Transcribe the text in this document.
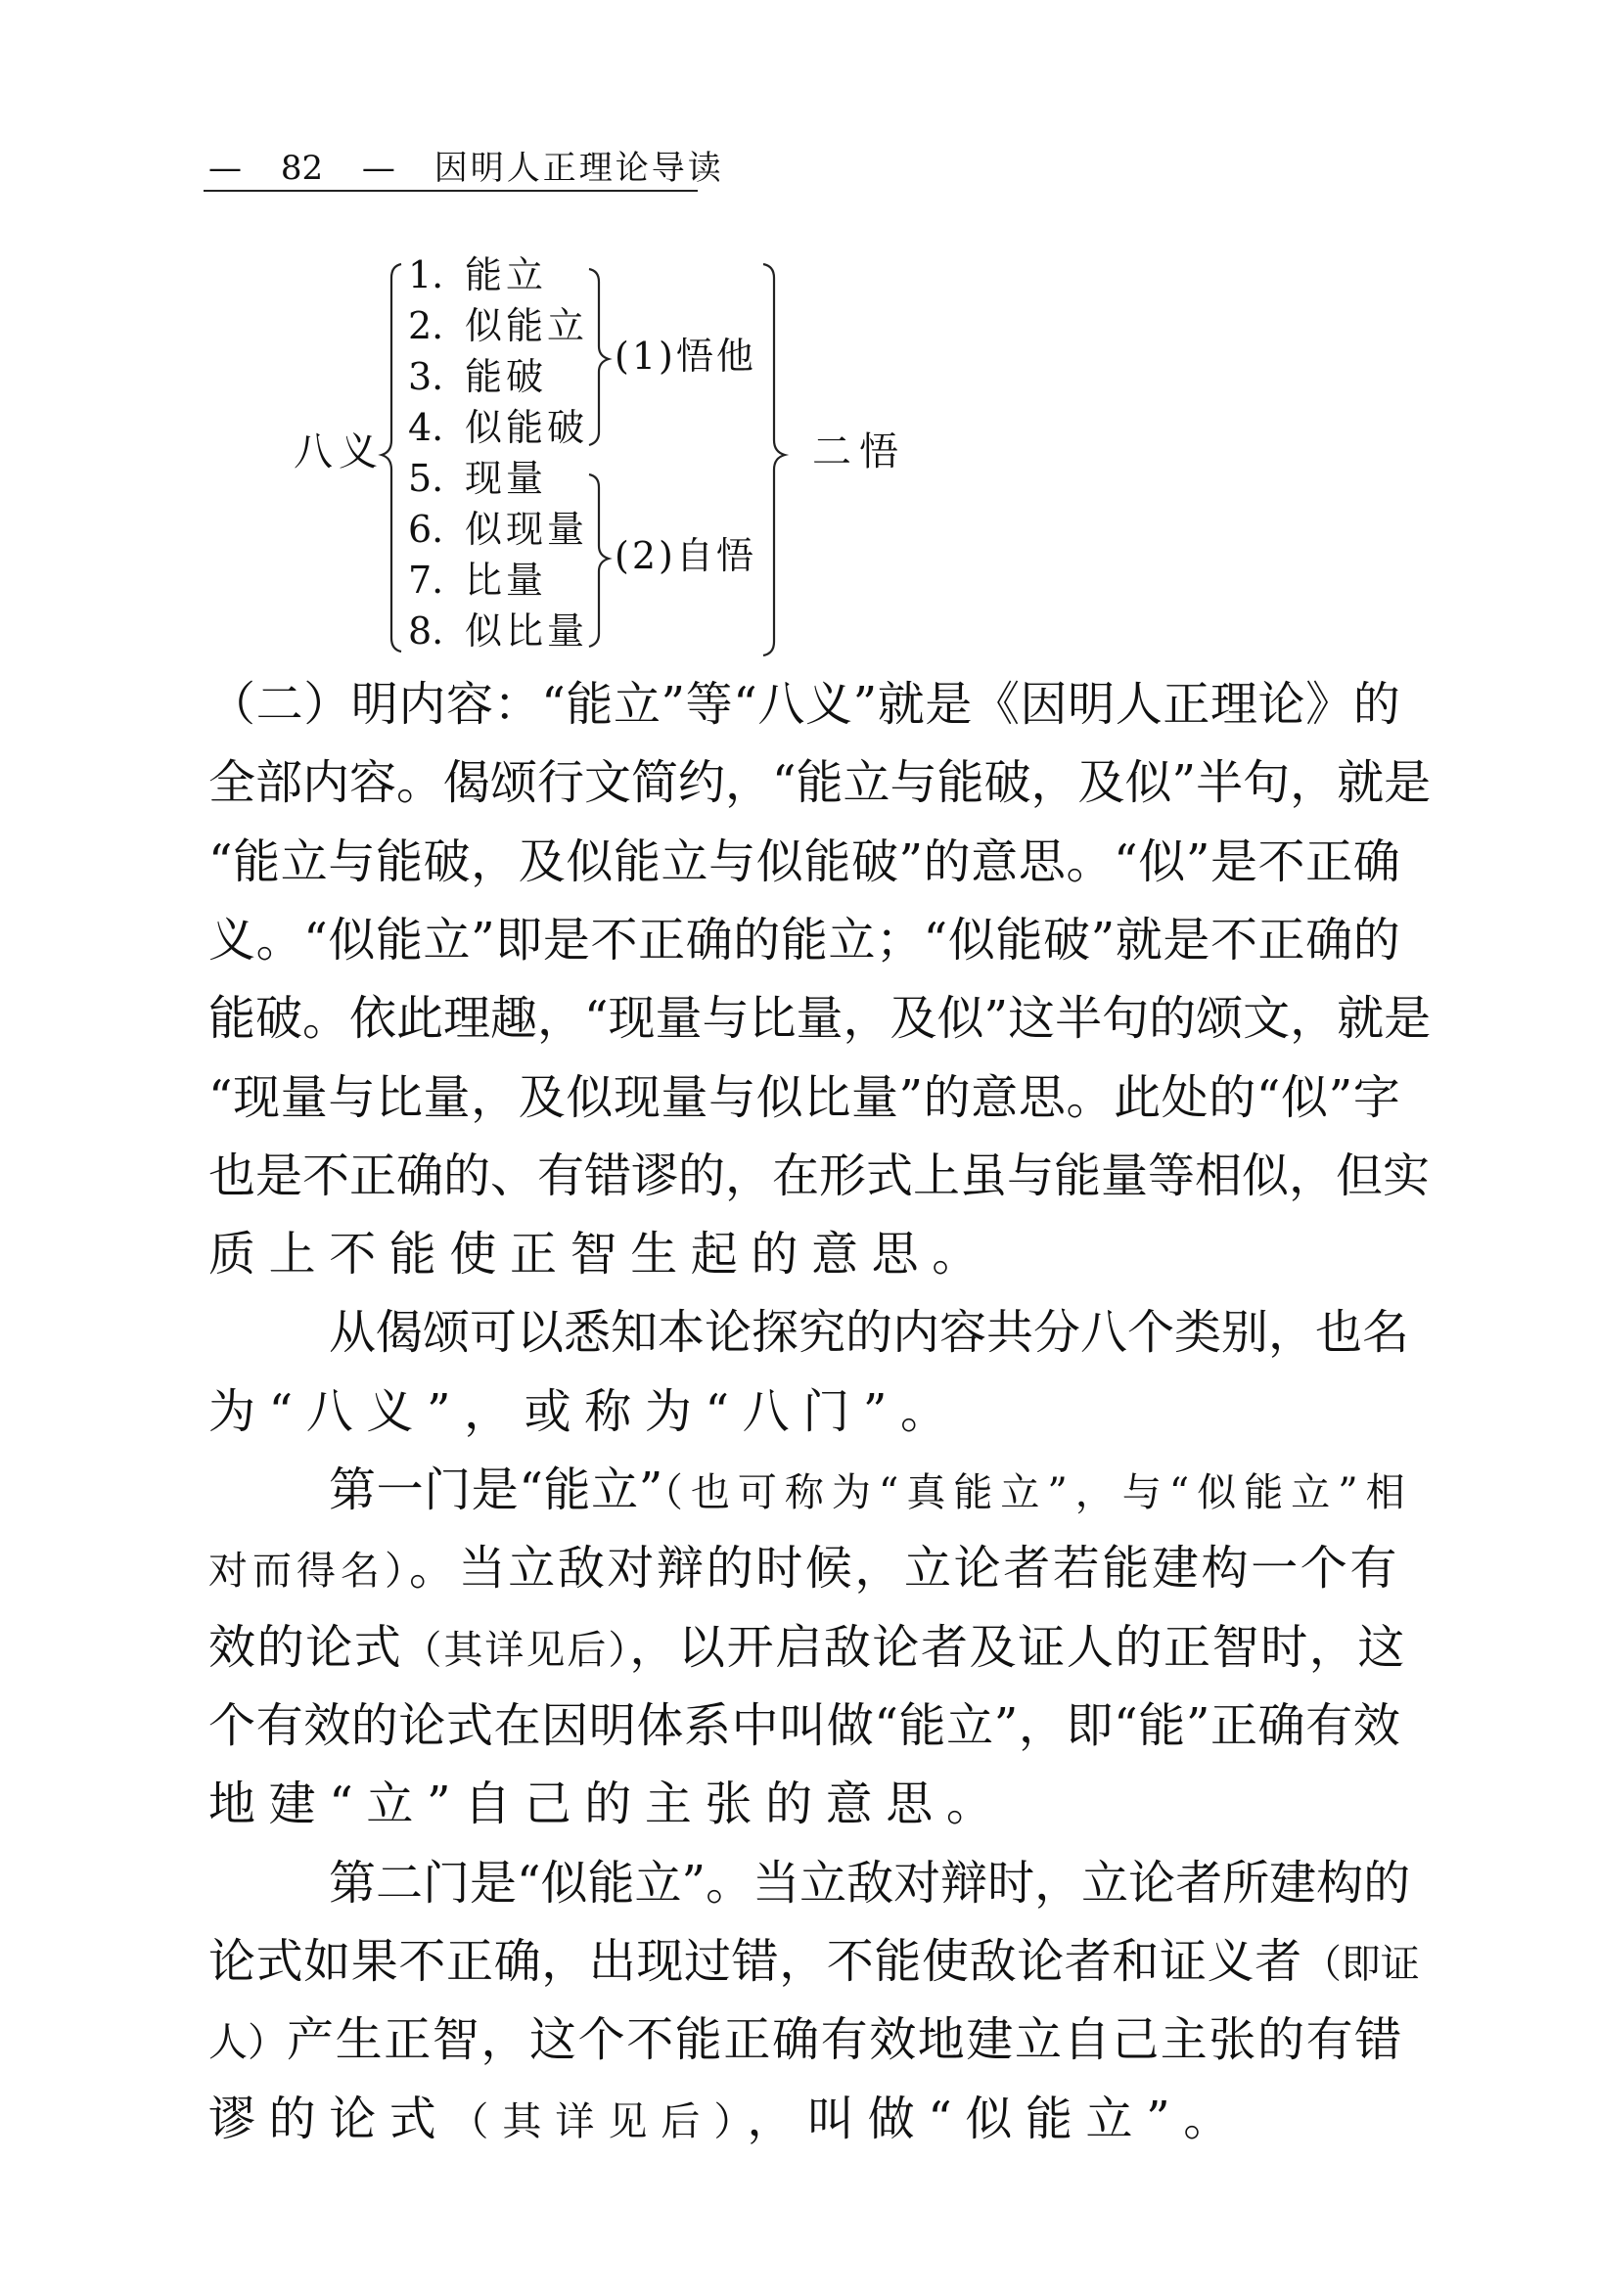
— 82 — 因明人正理论导读
八义
1. 能立
2. 似能立
3. 能破
4. 似能破
5. 现量
6. 似现量
7. 比量
8. 似比量
(1)悟他
(2)自悟
二悟
（二）明内容：“能立”等“八义”就是《因明人正理论》的
全部内容。偈颂行文简约，“能立与能破，及似”半句，就是
“能立与能破，及似能立与似能破”的意思。“似”是不正确
义。“似能立”即是不正确的能立；“似能破”就是不正确的
能破。依此理趣，“现量与比量，及似”这半句的颂文，就是
“现量与比量，及似现量与似比量”的意思。此处的“似”字
也是不正确的、有错谬的，在形式上虽与能量等相似，但实
质上不能使正智生起的意思。
从偈颂可以悉知本论探究的内容共分八个类别，也名
为“八义”，或称为“八门”。
第一门是“能立”（也可称为“真能立”，与“似能立”相
对而得名）。当立敌对辩的时候，立论者若能建构一个有
效的论式（其详见后），以开启敌论者及证人的正智时，这
个有效的论式在因明体系中叫做“能立”，即“能”正确有效
地建“立”自己的主张的意思。
第二门是“似能立”。当立敌对辩时，立论者所建构的
论式如果不正确，出现过错，不能使敌论者和证义者（即证
人）产生正智，这个不能正确有效地建立自己主张的有错
谬的论式（其详见后），叫做“似能立”。
